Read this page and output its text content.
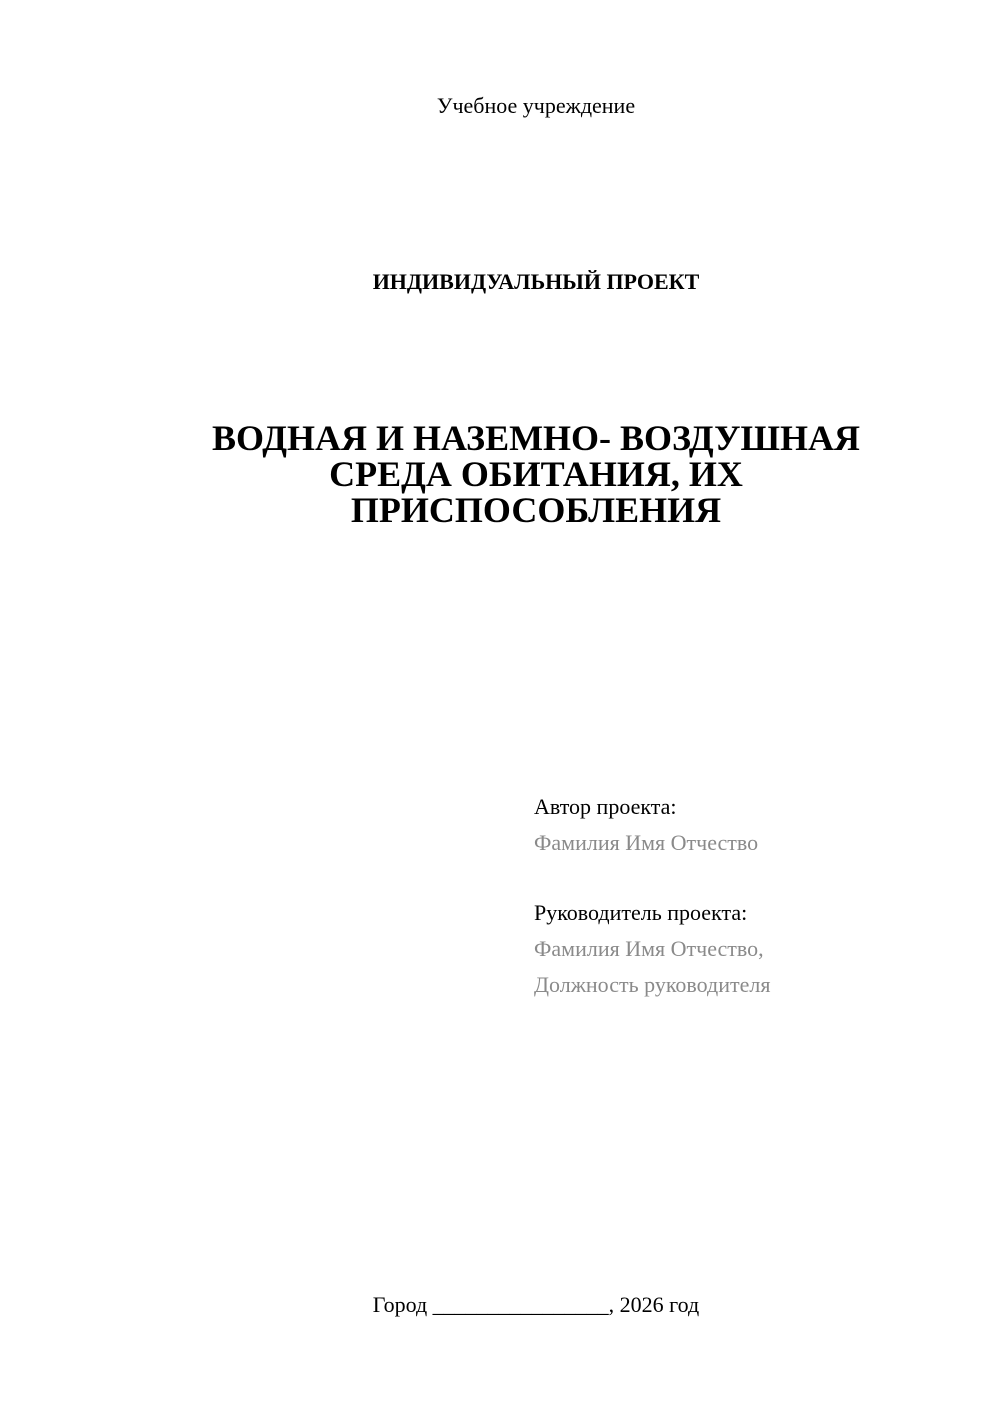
Учебное учреждение
ИНДИВИДУАЛЬНЫЙ ПРОЕКТ
ВОДНАЯ И НАЗЕМНО- ВОЗДУШНАЯ
СРЕДА ОБИТАНИЯ, ИХ
ПРИСПОСОБЛЕНИЯ
Автор проекта:
Фамилия Имя Отчество
Руководитель проекта:
Фамилия Имя Отчество,
Должность руководителя
Город ________________, 2026 год
